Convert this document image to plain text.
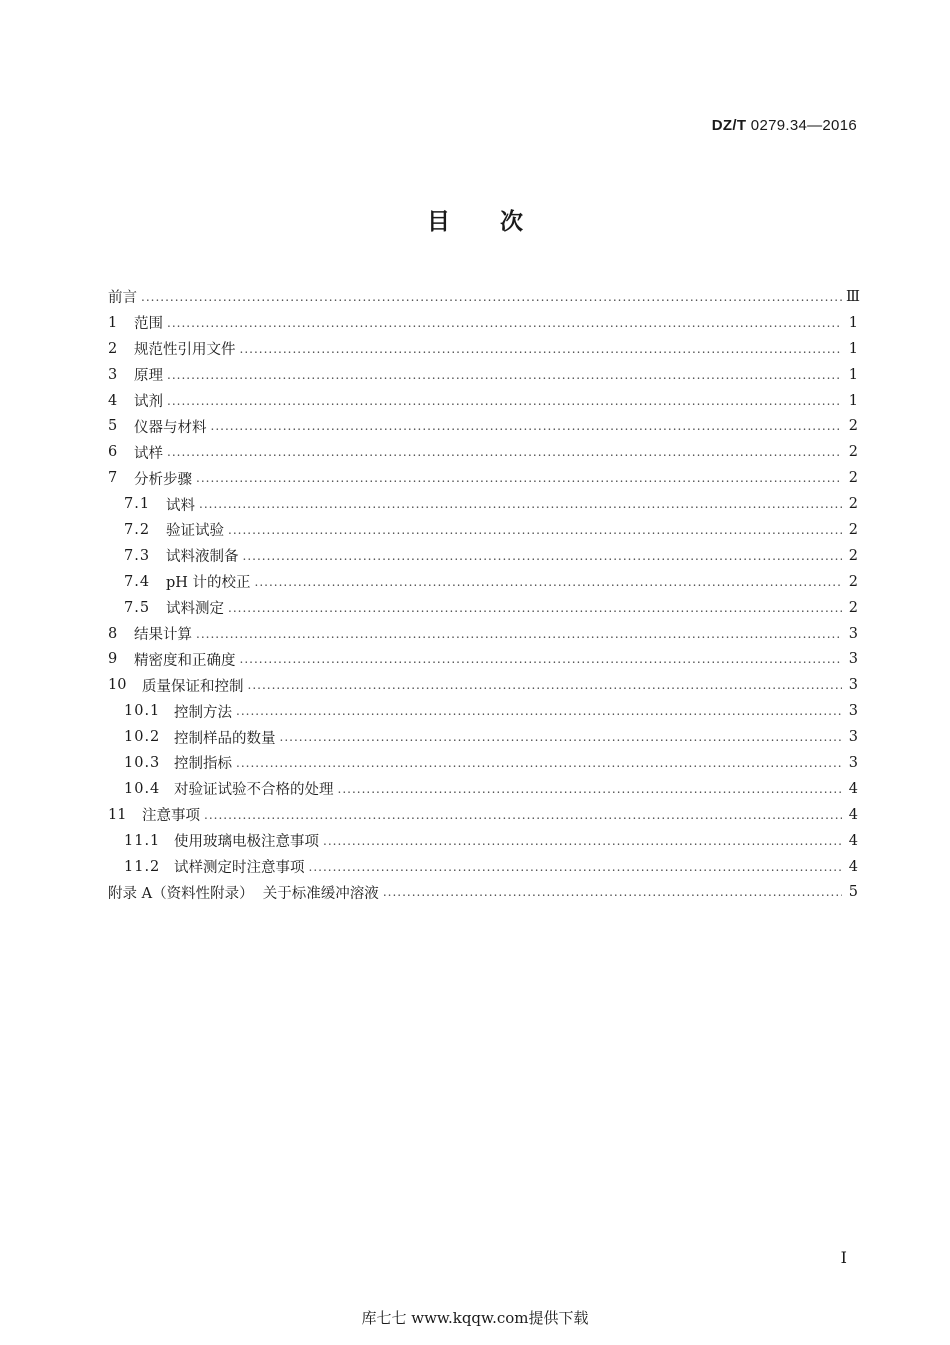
DZ/T 0279.34—2016
目次
前言 .....	Ⅲ
1	范围 .....	1
2	规范性引用文件 .....	1
3	原理 .....	1
4	试剂 .....	1
5	仪器与材料 .....	2
6	试样 .....	2
7	分析步骤 .....	2
7.1	试料 .....	2
7.2	验证试验 .....	2
7.3	试料液制备 .....	2
7.4	pH 计的校正 .....	2
7.5	试料测定 .....	2
8	结果计算 .....	3
9	精密度和正确度 .....	3
10	质量保证和控制 .....	3
10.1 控制方法 .....	3
10.2 控制样品的数量 .....	3
10.3 控制指标 .....	3
10.4 对验证试验不合格的处理 .....	4
11	注意事项 .....	4
11.1 使用玻璃电极注意事项 .....	4
11.2 试样测定时注意事项 .....	4
附录 A（资料性附录）  关于标准缓冲溶液 .....	5
I
库七七 www.kqqw.com提供下载
